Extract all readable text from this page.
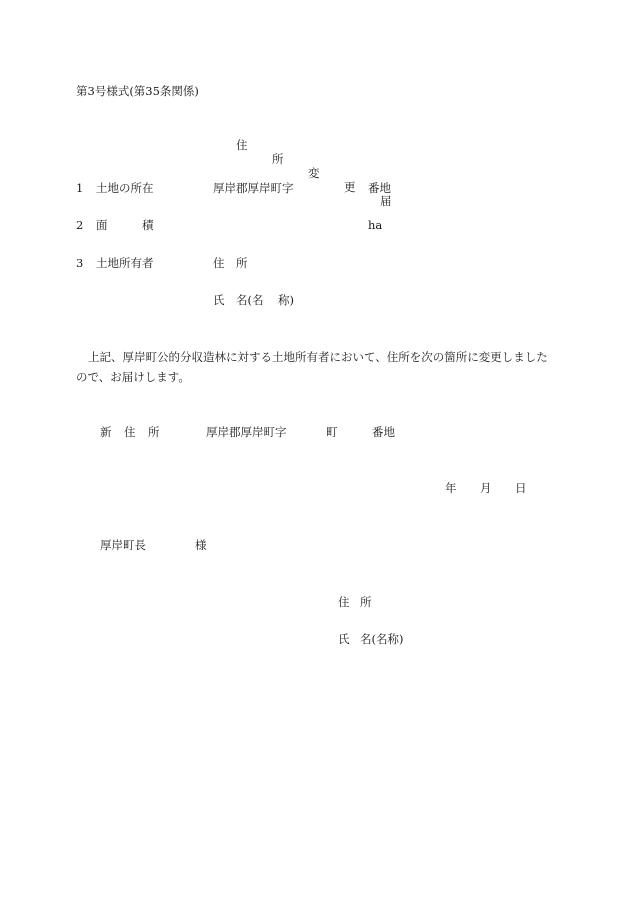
第3号様式(第35条関係)

住

所

変

更

届

1 土地の所在	厚岸郡厚岸町字	番地
2 面	積	ha
3 土地所有者	住 所
氏 名(名 称)
上記、厚岸町公的分収造林に対する土地所有者において、住所を次の箇所に変更しましたので、お届けします。
新 住 所	厚岸郡厚岸町字	町	番地
年 月 日
厚岸町長	様
住 所
氏 名(名称)
